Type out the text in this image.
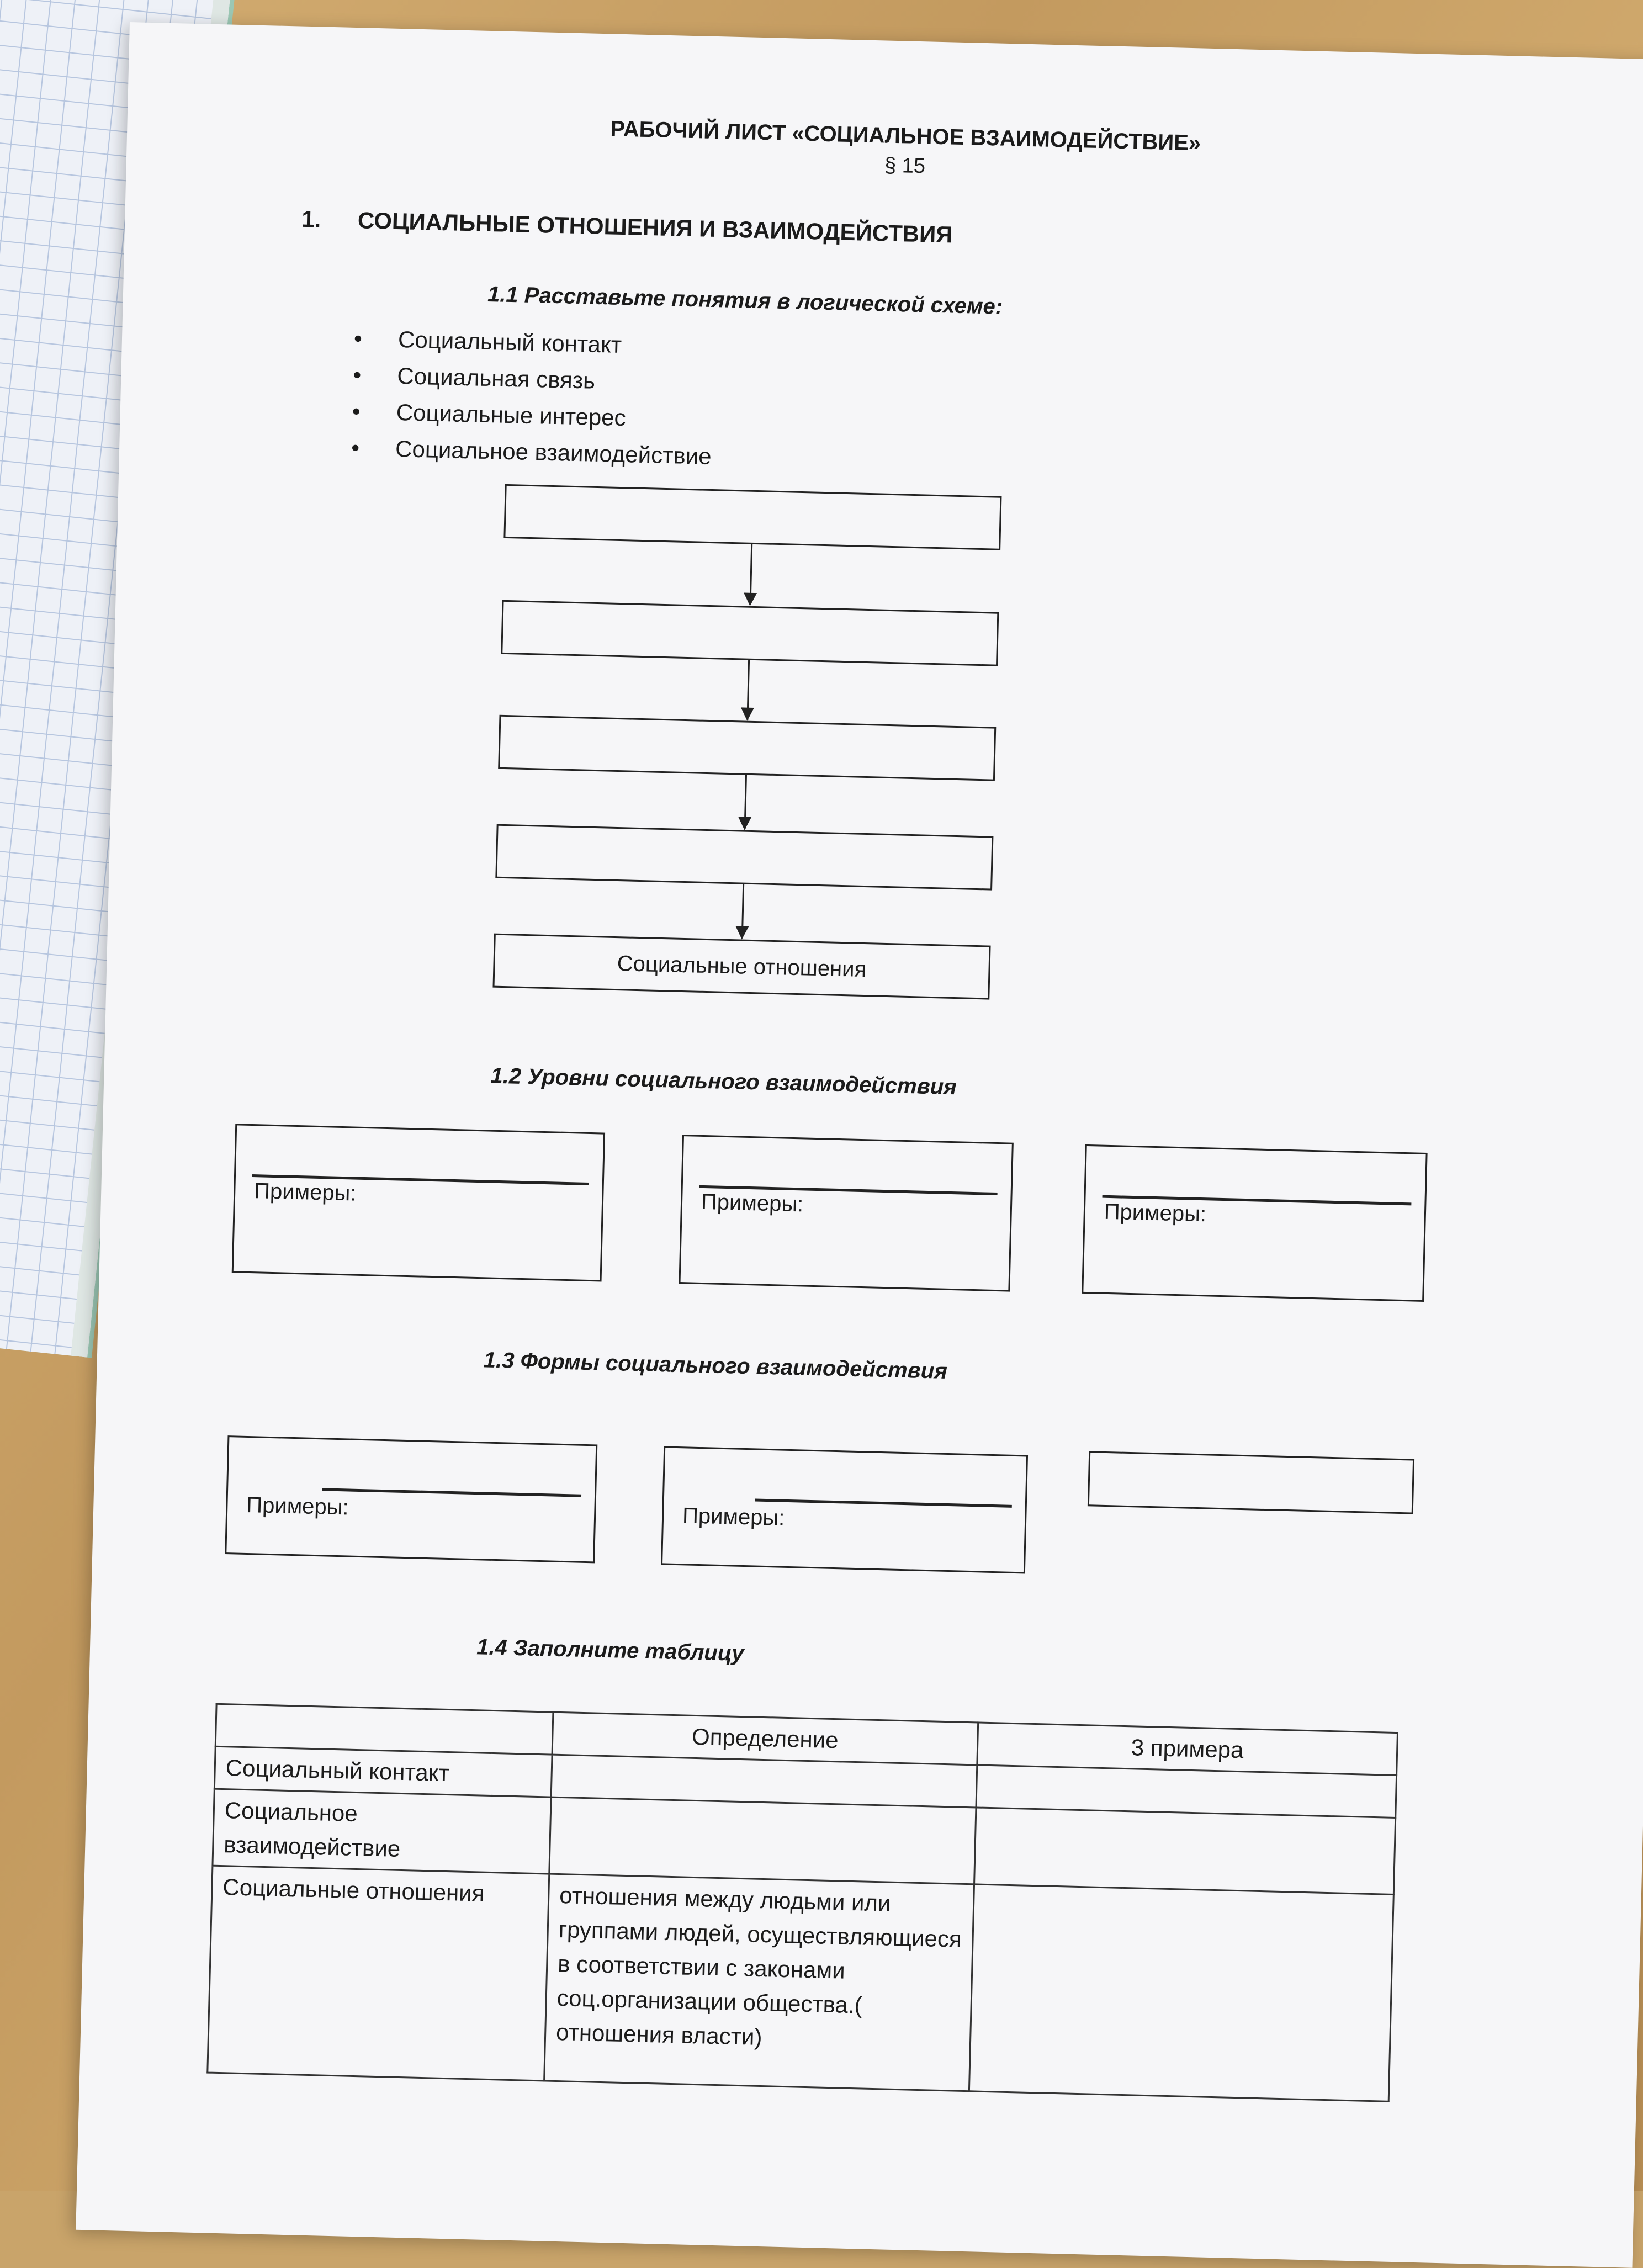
РАБОЧИЙ ЛИСТ «СОЦИАЛЬНОЕ ВЗАИМОДЕЙСТВИЕ»
§ 15
1. СОЦИАЛЬНЫЕ ОТНОШЕНИЯ И ВЗАИМОДЕЙСТВИЯ
1.1 Расставьте понятия в логической схеме:
• Социальный контакт
• Социальная связь
• Социальные интерес
• Социальное взаимодействие
Социальные отношения
1.2 Уровни социального взаимодействия
Примеры:	Примеры:	Примеры:
1.3 Формы социального взаимодействия
Примеры:	Примеры:
1.4 Заполните таблицу
	Определение	3 примера
Социальный контакт		
Социальное взаимодействие		
Социальные отношения	отношения между людьми или группами людей, осуществляющиеся в соответствии с законами соц.организации общества.( отношения власти)	
